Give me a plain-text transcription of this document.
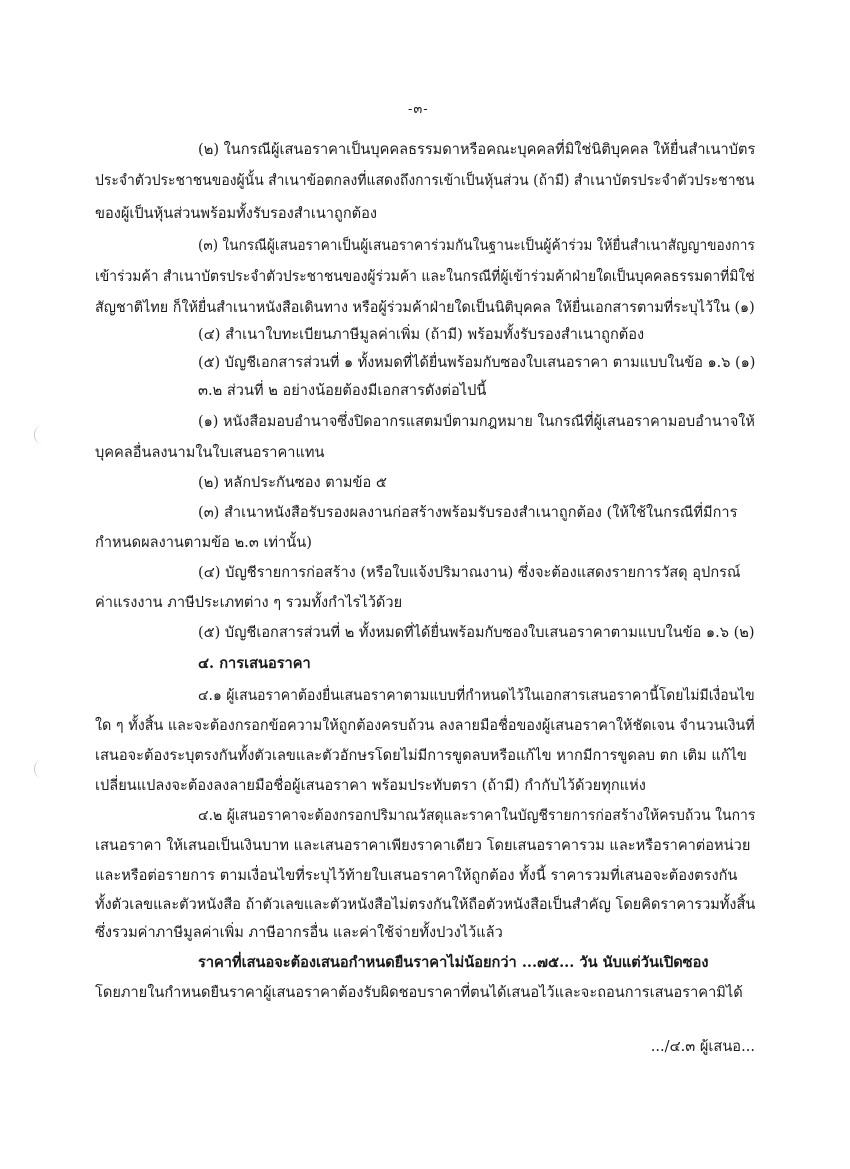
-๓-
(๒) ในกรณีผู้เสนอราคาเป็นบุคคลธรรมดาหรือคณะบุคคลที่มิใช่นิติบุคคล ให้ยื่นสำเนาบัตร
ประจำตัวประชาชนของผู้นั้น สำเนาข้อตกลงที่แสดงถึงการเข้าเป็นหุ้นส่วน (ถ้ามี) สำเนาบัตรประจำตัวประชาชน
ของผู้เป็นหุ้นส่วนพร้อมทั้งรับรองสำเนาถูกต้อง
(๓) ในกรณีผู้เสนอราคาเป็นผู้เสนอราคาร่วมกันในฐานะเป็นผู้ค้าร่วม ให้ยื่นสำเนาสัญญาของการ
เข้าร่วมค้า สำเนาบัตรประจำตัวประชาชนของผู้ร่วมค้า และในกรณีที่ผู้เข้าร่วมค้าฝ่ายใดเป็นบุคคลธรรมดาที่มิใช่
สัญชาติไทย ก็ให้ยื่นสำเนาหนังสือเดินทาง หรือผู้ร่วมค้าฝ่ายใดเป็นนิติบุคคล ให้ยื่นเอกสารตามที่ระบุไว้ใน (๑)
(๔) สำเนาใบทะเบียนภาษีมูลค่าเพิ่ม (ถ้ามี) พร้อมทั้งรับรองสำเนาถูกต้อง
(๕) บัญชีเอกสารส่วนที่ ๑ ทั้งหมดที่ได้ยื่นพร้อมกับซองใบเสนอราคา ตามแบบในข้อ ๑.๖ (๑)
๓.๒ ส่วนที่ ๒ อย่างน้อยต้องมีเอกสารดังต่อไปนี้
(๑) หนังสือมอบอำนาจซึ่งปิดอากรแสตมป์ตามกฎหมาย ในกรณีที่ผู้เสนอราคามอบอำนาจให้
บุคคลอื่นลงนามในใบเสนอราคาแทน
(๒) หลักประกันซอง ตามข้อ ๕
(๓) สำเนาหนังสือรับรองผลงานก่อสร้างพร้อมรับรองสำเนาถูกต้อง (ให้ใช้ในกรณีที่มีการ
กำหนดผลงานตามข้อ ๒.๓ เท่านั้น)
(๔) บัญชีรายการก่อสร้าง (หรือใบแจ้งปริมาณงาน) ซึ่งจะต้องแสดงรายการวัสดุ อุปกรณ์
ค่าแรงงาน ภาษีประเภทต่าง ๆ รวมทั้งกำไรไว้ด้วย
(๕) บัญชีเอกสารส่วนที่ ๒ ทั้งหมดที่ได้ยื่นพร้อมกับซองใบเสนอราคาตามแบบในข้อ ๑.๖ (๒)
๔. การเสนอราคา
๔.๑ ผู้เสนอราคาต้องยื่นเสนอราคาตามแบบที่กำหนดไว้ในเอกสารเสนอราคานี้โดยไม่มีเงื่อนไข
ใด ๆ ทั้งสิ้น และจะต้องกรอกข้อความให้ถูกต้องครบถ้วน ลงลายมือชื่อของผู้เสนอราคาให้ชัดเจน จำนวนเงินที่
เสนอจะต้องระบุตรงกันทั้งตัวเลขและตัวอักษรโดยไม่มีการขูดลบหรือแก้ไข หากมีการขูดลบ ตก เติม แก้ไข
เปลี่ยนแปลงจะต้องลงลายมือชื่อผู้เสนอราคา พร้อมประทับตรา (ถ้ามี) กำกับไว้ด้วยทุกแห่ง
๔.๒ ผู้เสนอราคาจะต้องกรอกปริมาณวัสดุและราคาในบัญชีรายการก่อสร้างให้ครบถ้วน ในการ
เสนอราคา ให้เสนอเป็นเงินบาท และเสนอราคาเพียงราคาเดียว โดยเสนอราคารวม และหรือราคาต่อหน่วย
และหรือต่อรายการ ตามเงื่อนไขที่ระบุไว้ท้ายใบเสนอราคาให้ถูกต้อง ทั้งนี้ ราคารวมที่เสนอจะต้องตรงกัน
ทั้งตัวเลขและตัวหนังสือ ถ้าตัวเลขและตัวหนังสือไม่ตรงกันให้ถือตัวหนังสือเป็นสำคัญ โดยคิดราคารวมทั้งสิ้น
ซึ่งรวมค่าภาษีมูลค่าเพิ่ม ภาษีอากรอื่น และค่าใช้จ่ายทั้งปวงไว้แล้ว
ราคาที่เสนอจะต้องเสนอกำหนดยืนราคาไม่น้อยกว่า ...๗๕... วัน นับแต่วันเปิดซอง
โดยภายในกำหนดยืนราคาผู้เสนอราคาต้องรับผิดชอบราคาที่ตนได้เสนอไว้และจะถอนการเสนอราคามิได้
.../๔.๓ ผู้เสนอ...
